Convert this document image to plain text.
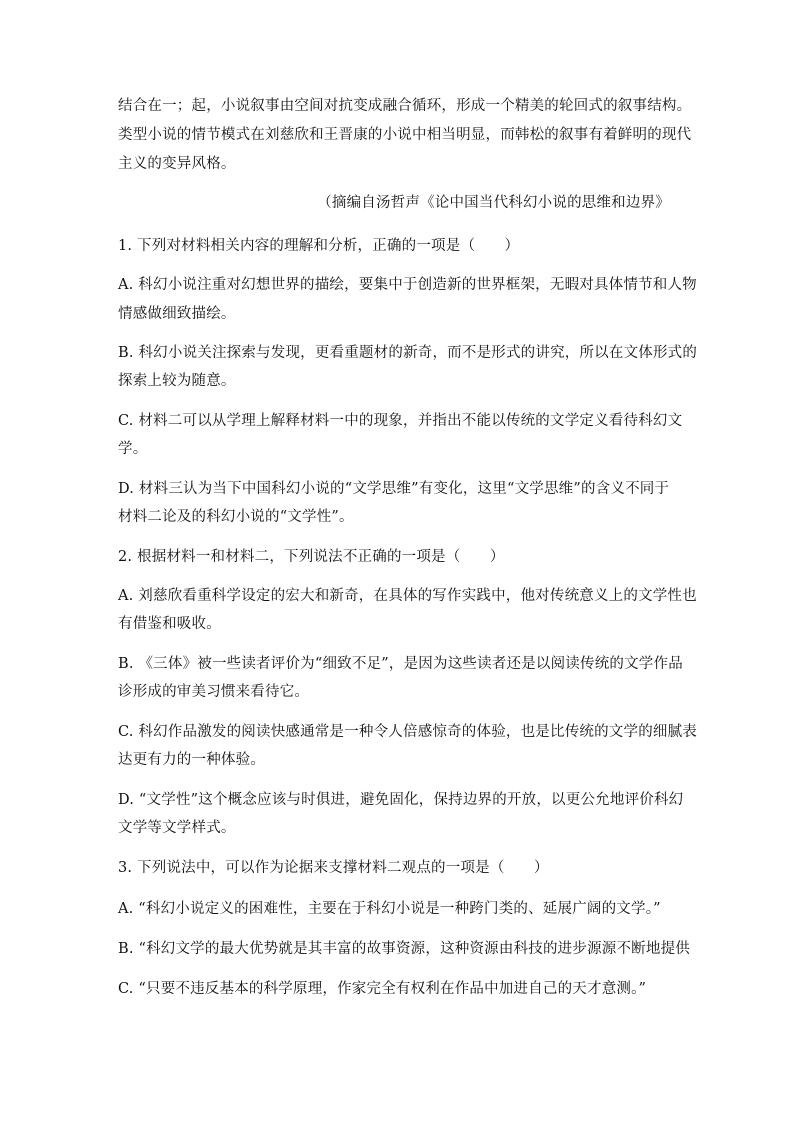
结合在一；起，小说叙事由空间对抗变成融合循环，形成一个精美的轮回式的叙事结构。
类型小说的情节模式在刘慈欣和王晋康的小说中相当明显，而韩松的叙事有着鲜明的现代
主义的变异风格。
（摘编自汤哲声《论中国当代科幻小说的思维和边界》
1. 下列对材料相关内容的理解和分析，正确的一项是（　　）
A. 科幻小说注重对幻想世界的描绘，要集中于创造新的世界框架，无暇对具体情节和人物
情感做细致描绘。
B. 科幻小说关注探索与发现，更看重题材的新奇，而不是形式的讲究，所以在文体形式的
探索上较为随意。
C. 材料二可以从学理上解释材料一中的现象，并指出不能以传统的文学定义看待科幻文
学。
D. 材料三认为当下中国科幻小说的“文学思维”有变化，这里“文学思维”的含义不同于
材料二论及的科幻小说的“文学性”。
2. 根据材料一和材料二，下列说法不正确的一项是（　　）
A. 刘慈欣看重科学设定的宏大和新奇，在具体的写作实践中，他对传统意义上的文学性也
有借鉴和吸收。
B. 《三体》被一些读者评价为“细致不足”，是因为这些读者还是以阅读传统的文学作品
诊形成的审美习惯来看待它。
C. 科幻作品激发的阅读快感通常是一种令人倍感惊奇的体验，也是比传统的文学的细腻表
达更有力的一种体验。
D. “文学性”这个概念应该与时俱进，避免固化，保持边界的开放，以更公允地评价科幻
文学等文学样式。
3. 下列说法中，可以作为论据来支撑材料二观点的一项是（　　）
A. “科幻小说定义的困难性，主要在于科幻小说是一种跨门类的、延展广阔的文学。”
B. “科幻文学的最大优势就是其丰富的故事资源，这种资源由科技的进步源源不断地提供
C. “只要不违反基本的科学原理，作家完全有权利在作品中加进自己的天才意测。”
